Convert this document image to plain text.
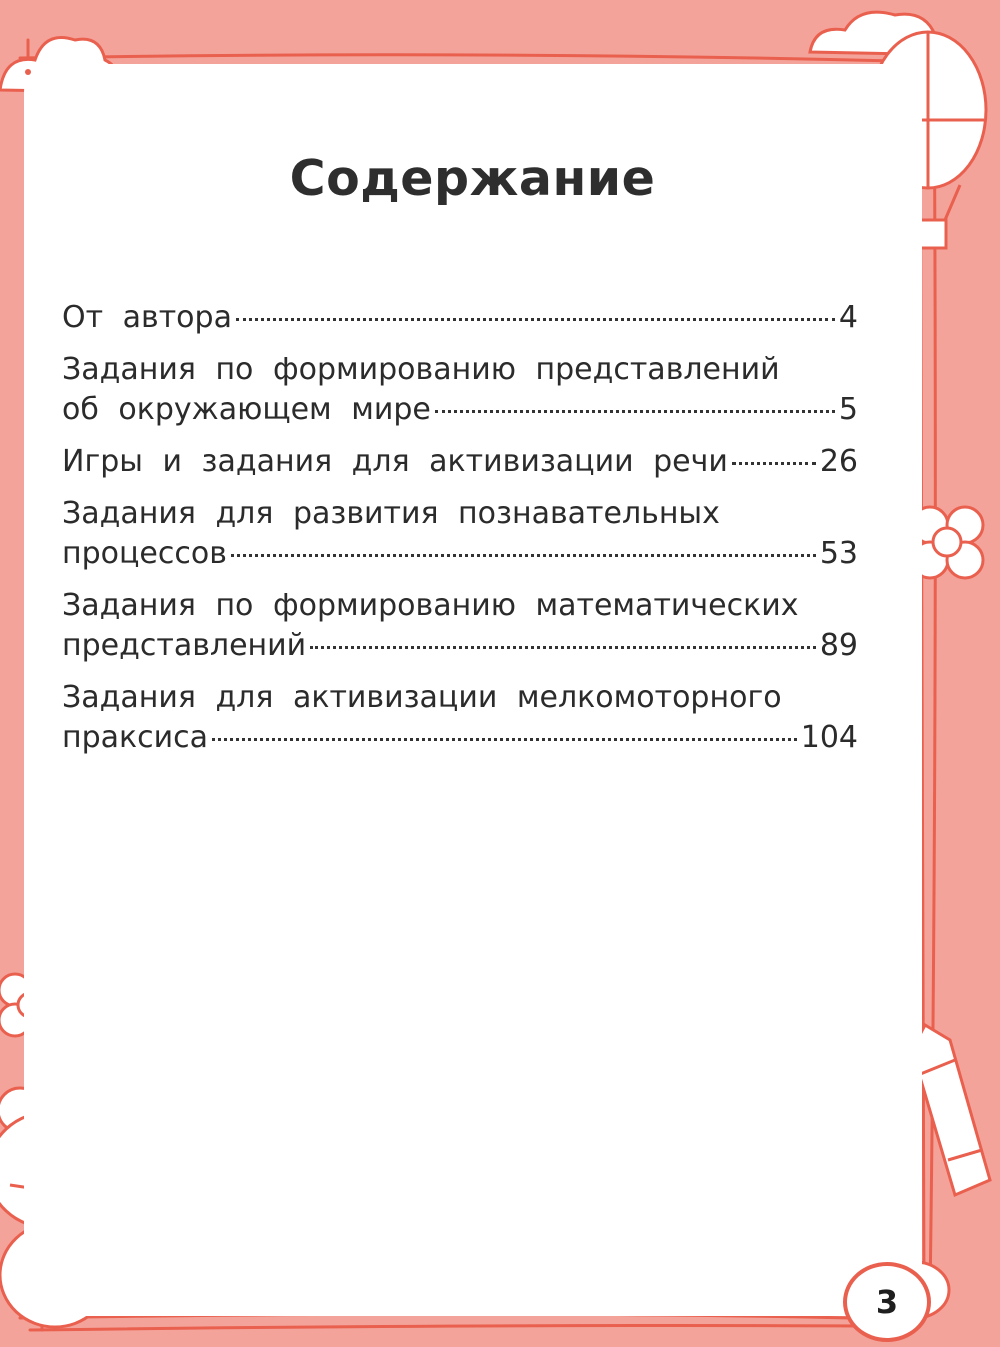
Содержание
От автора	4
Задания по формированию представлений
об окружающем мире	5
Игры и задания для активизации речи	26
Задания для развития познавательных
процессов	53
Задания по формированию математических
представлений	89
Задания для активизации мелкомоторного
праксиса	104
3
